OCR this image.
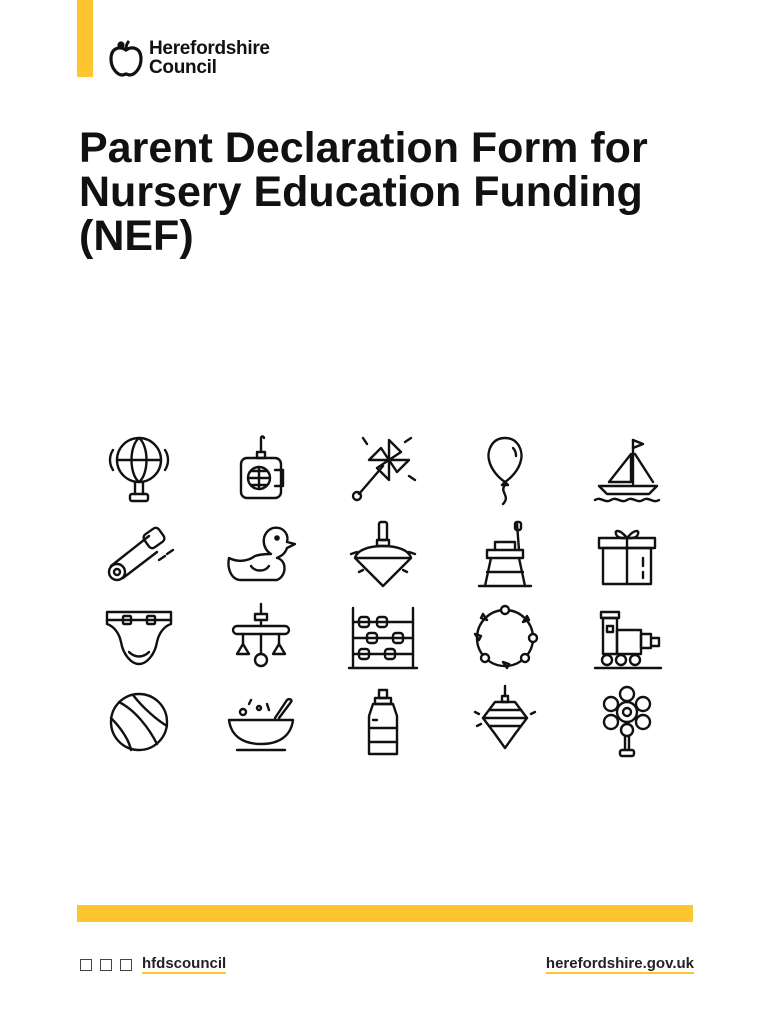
Herefordshire
Council
Parent Declaration Form for
Nursery Education Funding
(NEF)
hfdscouncil	herefordshire.gov.uk
